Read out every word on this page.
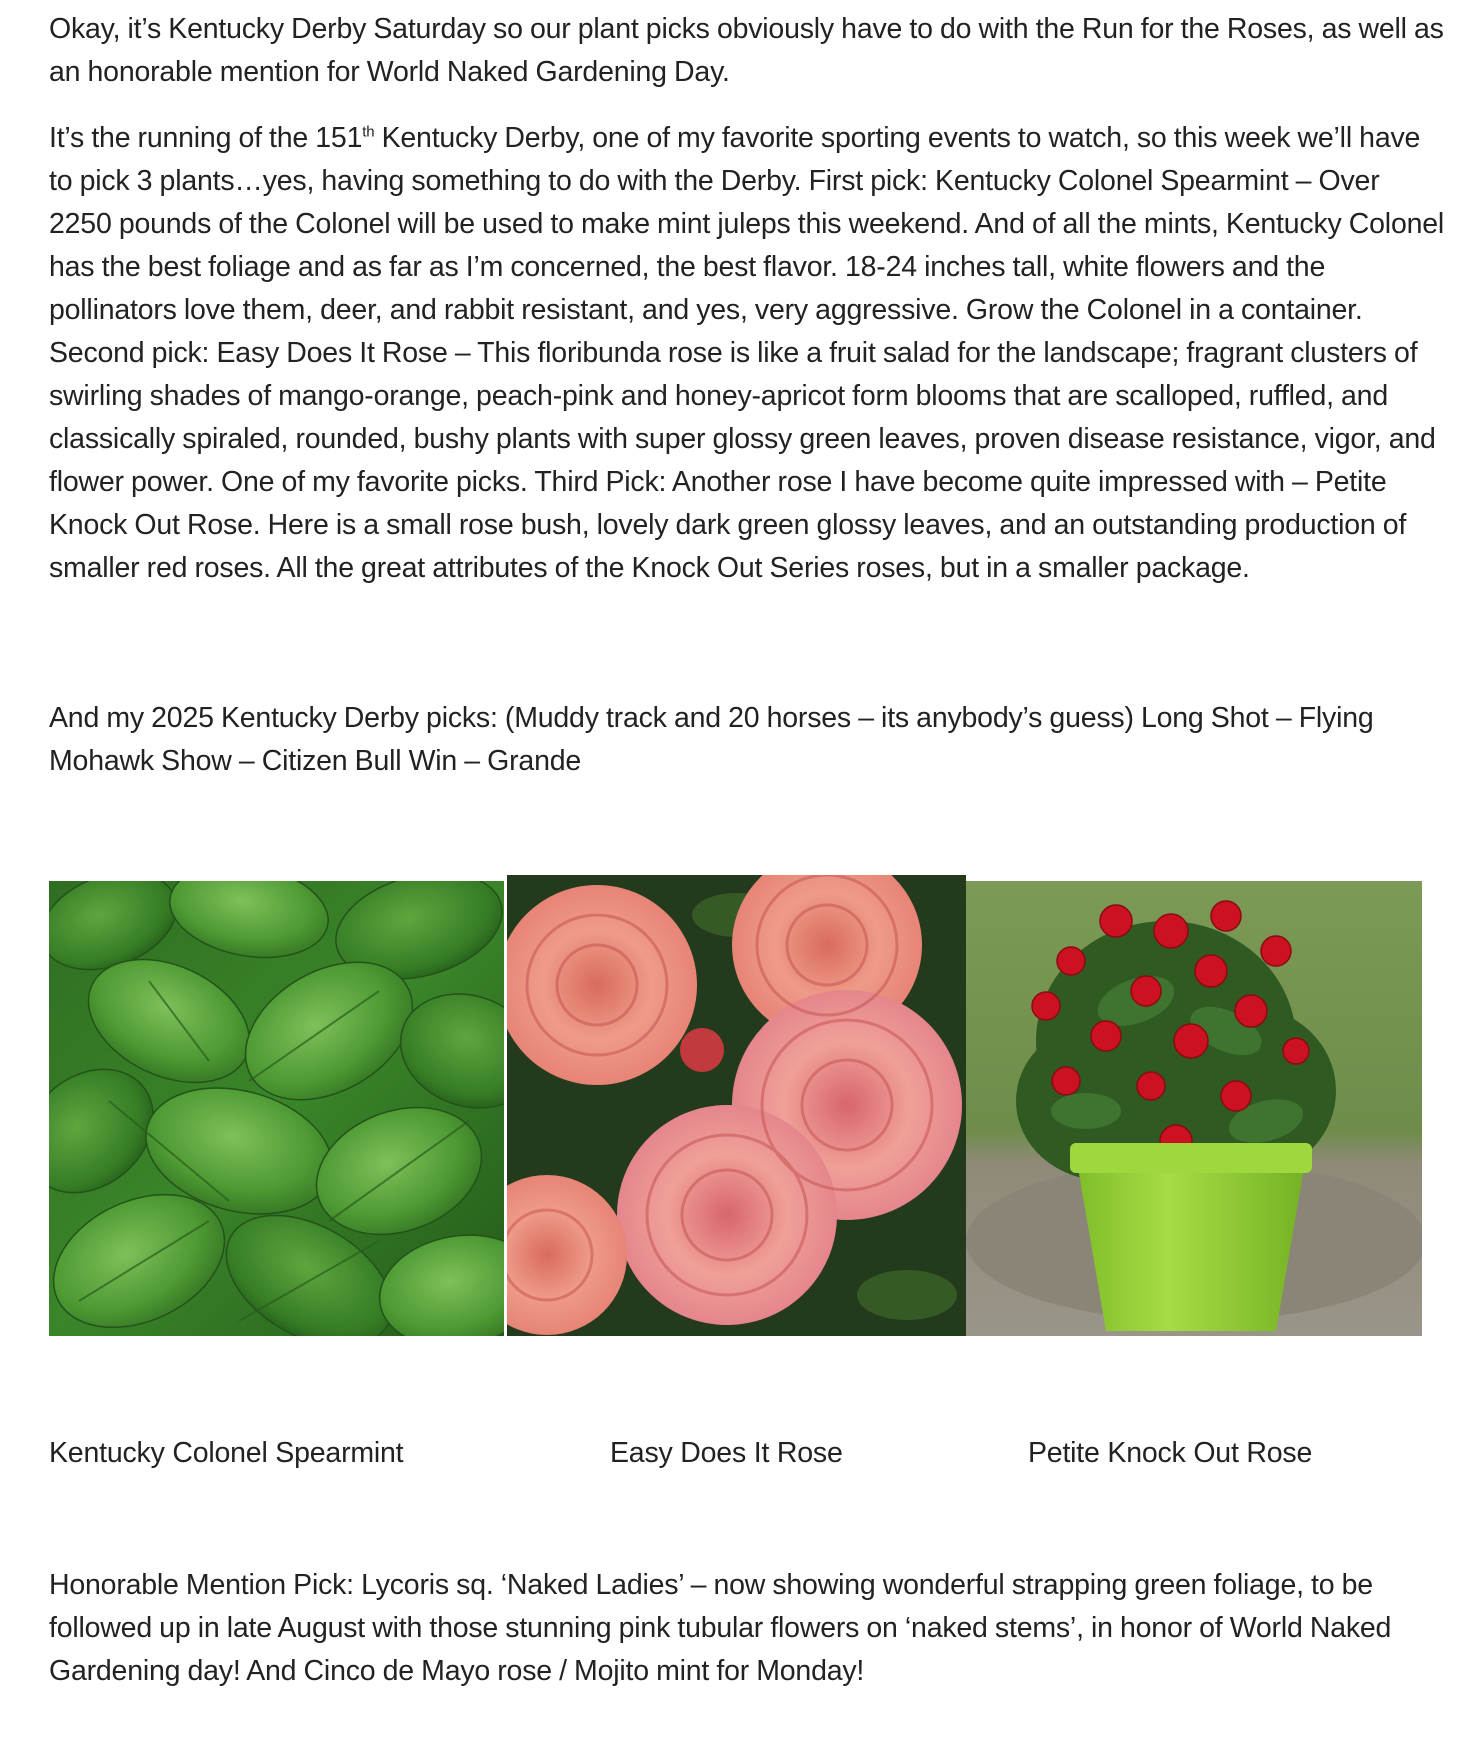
Okay, it’s Kentucky Derby Saturday so our plant picks obviously have to do with the Run for the Roses, as well as an honorable mention for World Naked Gardening Day.

It’s the running of the 151th Kentucky Derby, one of my favorite sporting events to watch, so this week we’ll have to pick 3 plants…yes, having something to do with the Derby. First pick: Kentucky Colonel Spearmint – Over 2250 pounds of the Colonel will be used to make mint juleps this weekend. And of all the mints, Kentucky Colonel has the best foliage and as far as I’m concerned, the best flavor. 18-24 inches tall, white flowers and the pollinators love them, deer, and rabbit resistant, and yes, very aggressive. Grow the Colonel in a container. Second pick: Easy Does It Rose – This floribunda rose is like a fruit salad for the landscape; fragrant clusters of swirling shades of mango-orange, peach-pink and honey-apricot form blooms that are scalloped, ruffled, and classically spiraled, rounded, bushy plants with super glossy green leaves, proven disease resistance, vigor, and flower power. One of my favorite picks. Third Pick: Another rose I have become quite impressed with – Petite Knock Out Rose. Here is a small rose bush, lovely dark green glossy leaves, and an outstanding production of smaller red roses. All the great attributes of the Knock Out Series roses, but in a smaller package.

And my 2025 Kentucky Derby picks: (Muddy track and 20 horses – its anybody’s guess) Long Shot – Flying Mohawk Show – Citizen Bull Win – Grande

Honorable Mention Pick: Lycoris sq. ‘Naked Ladies’ – now showing wonderful strapping green foliage, to be followed up in late August with those stunning pink tubular flowers on ‘naked stems’, in honor of World Naked Gardening day! And Cinco de Mayo rose / Mojito mint for Monday!

Kentucky Colonel Spearmint	Easy Does It Rose	Petite Knock Out Rose
